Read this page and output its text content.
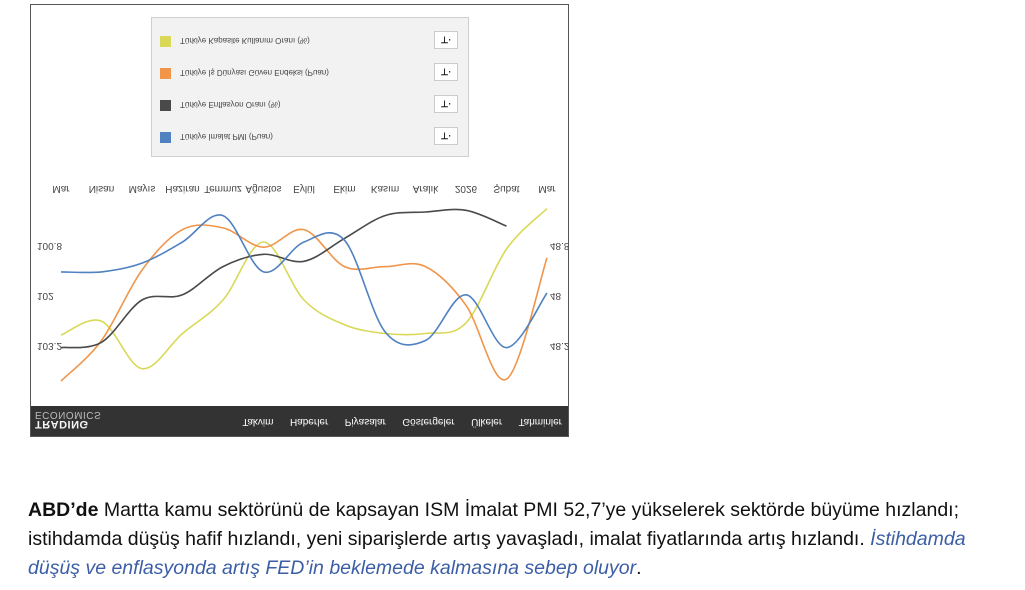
Mar Nisan Mayıs Haziran Temmuz Ağustos Eylül Ekim Kasım Aralık 2026 Şubat Mar
100.8
102
103.2
48.8
48
48.2
Türkiye Kapasite Kullanım Oranı (%)	⊥·
Türkiye İş Dünyası Güven Endeksi (Puan)	⊥·
Türkiye Enflasyon Oranı (%)	⊥·
Türkiye İmalat PMI (Puan)	⊥·
TRADING
ECONOMICS
Takvim Haberler Piyasalar Göstergeler Ülkeler Tahminler
ABD’de Martta kamu sektörünü de kapsayan ISM İmalat PMI 52,7’ye yükselerek sektörde büyüme hızlandı; istihdamda düşüş hafif hızlandı, yeni siparişlerde artış yavaşladı, imalat fiyatlarında artış hızlandı. İstihdamda düşüş ve enflasyonda artış FED’in beklemede kalmasına sebep oluyor.
